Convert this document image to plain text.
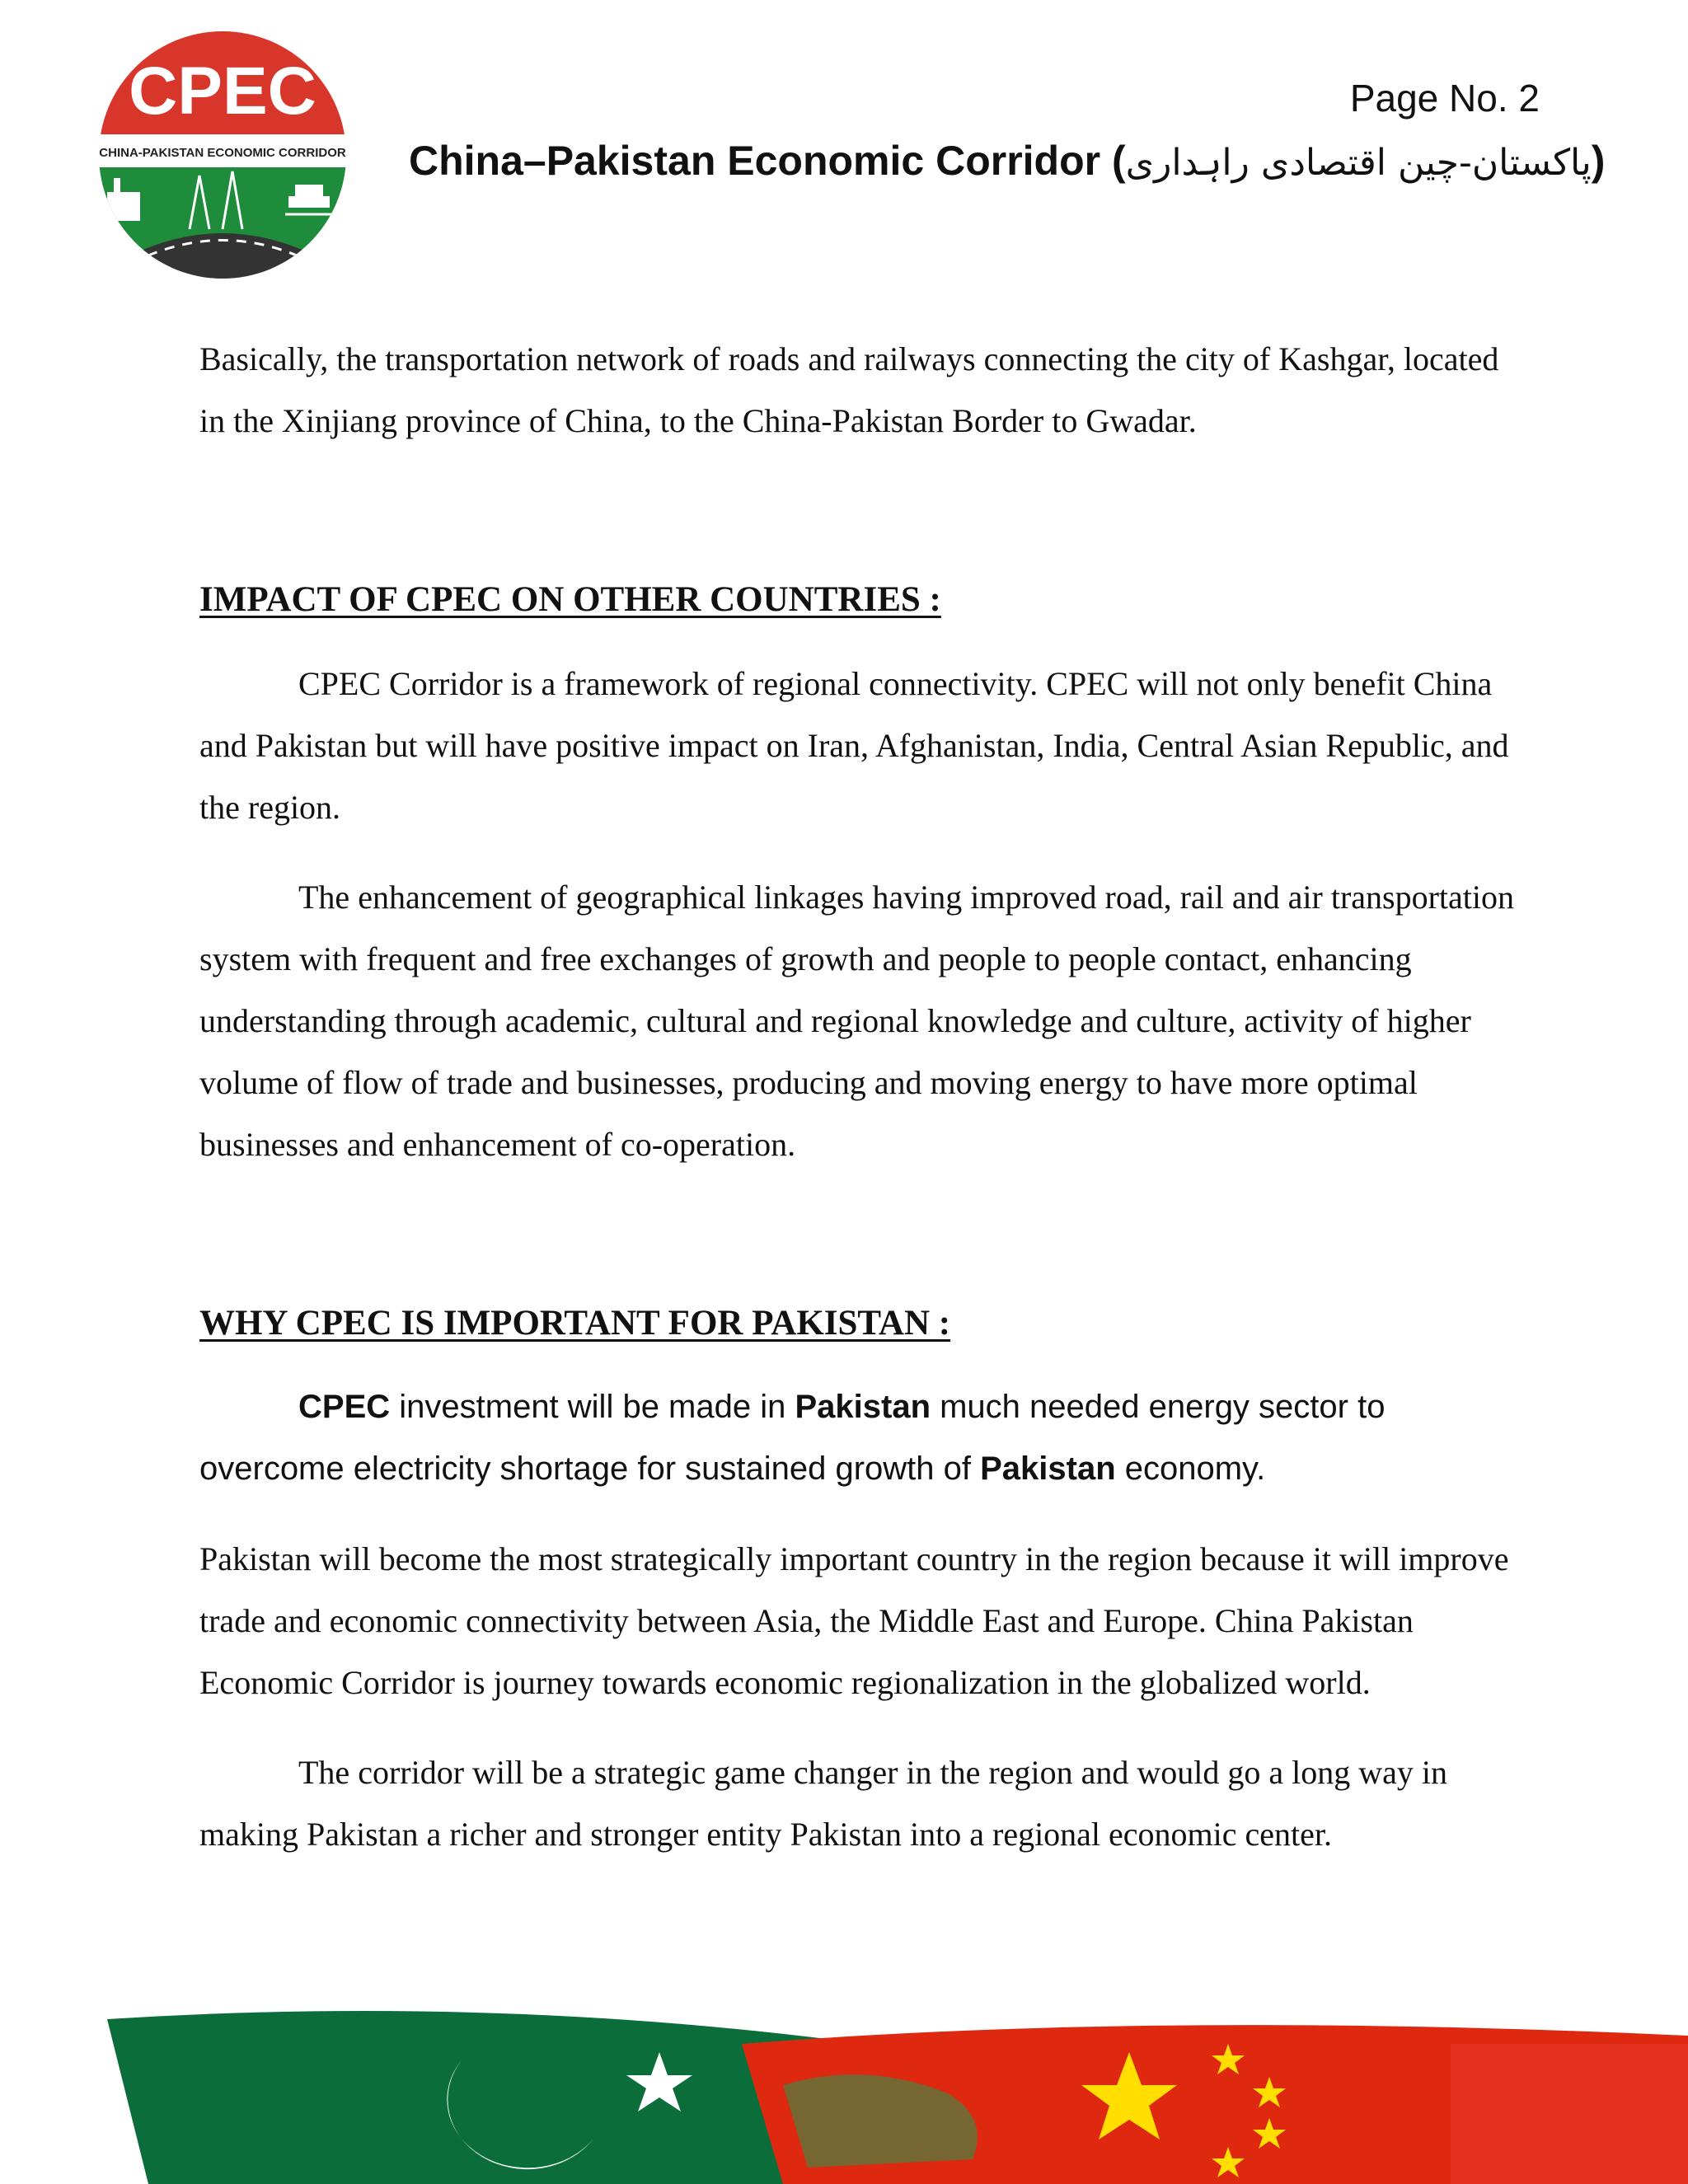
CPEC
CHINA-PAKISTAN ECONOMIC CORRIDOR
Page No. 2
China–Pakistan Economic Corridor (پاکستان-چین اقتصادی راہداری)

Basically, the transportation network of roads and railways connecting the city of Kashgar, located in the Xinjiang province of China, to the China-Pakistan Border to Gwadar.

IMPACT OF CPEC ON OTHER COUNTRIES :

CPEC Corridor is a framework of regional connectivity. CPEC will not only benefit China and Pakistan but will have positive impact on Iran, Afghanistan, India, Central Asian Republic, and the region.

The enhancement of geographical linkages having improved road, rail and air transportation system with frequent and free exchanges of growth and people to people contact, enhancing understanding through academic, cultural and regional knowledge and culture, activity of higher volume of flow of trade and businesses, producing and moving energy to have more optimal businesses and enhancement of co-operation.

WHY CPEC IS IMPORTANT FOR PAKISTAN :

CPEC investment will be made in Pakistan much needed energy sector to overcome electricity shortage for sustained growth of Pakistan economy.

Pakistan will become the most strategically important country in the region because it will improve trade and economic connectivity between Asia, the Middle East and Europe. China Pakistan Economic Corridor is journey towards economic regionalization in the globalized world.

The corridor will be a strategic game changer in the region and would go a long way in making Pakistan a richer and stronger entity Pakistan into a regional economic center.
